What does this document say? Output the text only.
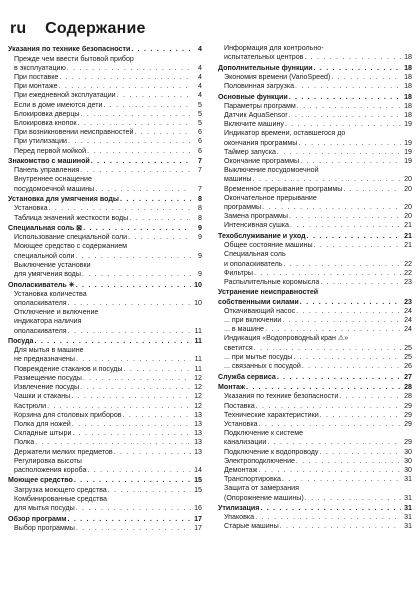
ru Содержание
Указания по технике безопасности . . .	4
Прежде чем ввести бытовой прибор
в эксплуатацию . . .	4
При поставке . . .	4
При монтаже . . .	4
При ежедневной эксплуатации . . .	4
Если в доме имеются дети . . .	5
Блокировка дверцы . . .	5
Блокировка кнопок . . .	5
При возникновении неисправностей . . .	6
При утилизации . . .	6
Перед первой мойкой . . .	6
Знакомство с машиной . . .	7
Панель управления . . .	7
Внутреннее оснащение
посудомоечной машины . . .	7
Установка для умягчения воды . . .	8
Установка . . .	8
Таблица значений жесткости воды . . .	8
Специальная соль ⊠ . . .	9
Использование специальной соли . . .	9
Моющее средство с содержанием
специальной соли . . .	9
Выключение установки
для умягчения воды . . .	9
Ополаскиватель ✳ . . .	10
Установка количества
ополаскивателя . . .	10
Отключение и включение
индикатора наличия
ополаскивателя . . .	11
Посуда . . .	11
Для мытья в машине
не предназначены . . .	11
Повреждение стаканов и посуды . . .	11
Размещение посуды . . .	12
Извлечение посуды . . .	12
Чашки и стаканы . . .	12
Кастрюли . . .	12
Корзина для столовых приборов . . .	13
Полка для ножей . . .	13
Складные штыри . . .	13
Полка . . .	13
Держатели мелких предметов . . .	13
Регулировка высоты
расположения короба . . .	14
Моющее средство . . .	15
Загрузка моющего средства . . .	15
Комбинированные средства
для мытья посуды . . .	16
Обзор программ . . .	17
Выбор программы . . .	17
Информация для контрольно-
испытательных центров . . .	18
Дополнительные функции . . .	18
Экономия времени (VarioSpeed) . . .	18
Половинная загрузка . . .	18
Основные функции . . .	18
Параметры программ . . .	18
Датчик AquaSensor . . .	18
Включите машину . . .	19
Индикатор времени, оставшегося до
окончания программы . . .	19
Таймер запуска . . .	19
Окончание программы . . .	19
Выключение посудомоечной
машины . . .	20
Временное прерывание программы . . .	20
Окончательное прерывание
программы . . .	20
Замена программы . . .	20
Интенсивная сушка . . .	21
Техобслуживание и уход . . .	21
Общее состояние машины . . .	21
Специальная соль
и ополаскиватель . . .	22
Фильтры . . .	22
Распылительные коромысла . . .	23
Устранение неисправностей
собственными силами . . .	23
Откачивающий насос . . .	24
... при включении . . .	24
... в машине . . .	24
Индикация «Водопроводный кран ⚠»
светится . . .	25
... при мытье посуды . . .	25
... связанных с посудой . . .	26
Служба сервиса . . .	27
Монтаж . . .	28
Указания по технике безопасности . . .	28
Поставка . . .	29
Технические характеристики . . .	29
Установка . . .	29
Подключение к системе
канализации . . .	29
Подключение к водопроводу . . .	30
Электроподключение . . .	30
Демонтаж . . .	30
Транспортировка . . .	31
Защита от замерзания
(Опорожнение машины) . . .	31
Утилизация . . .	31
Упаковка . . .	31
Старые машины . . .	31
